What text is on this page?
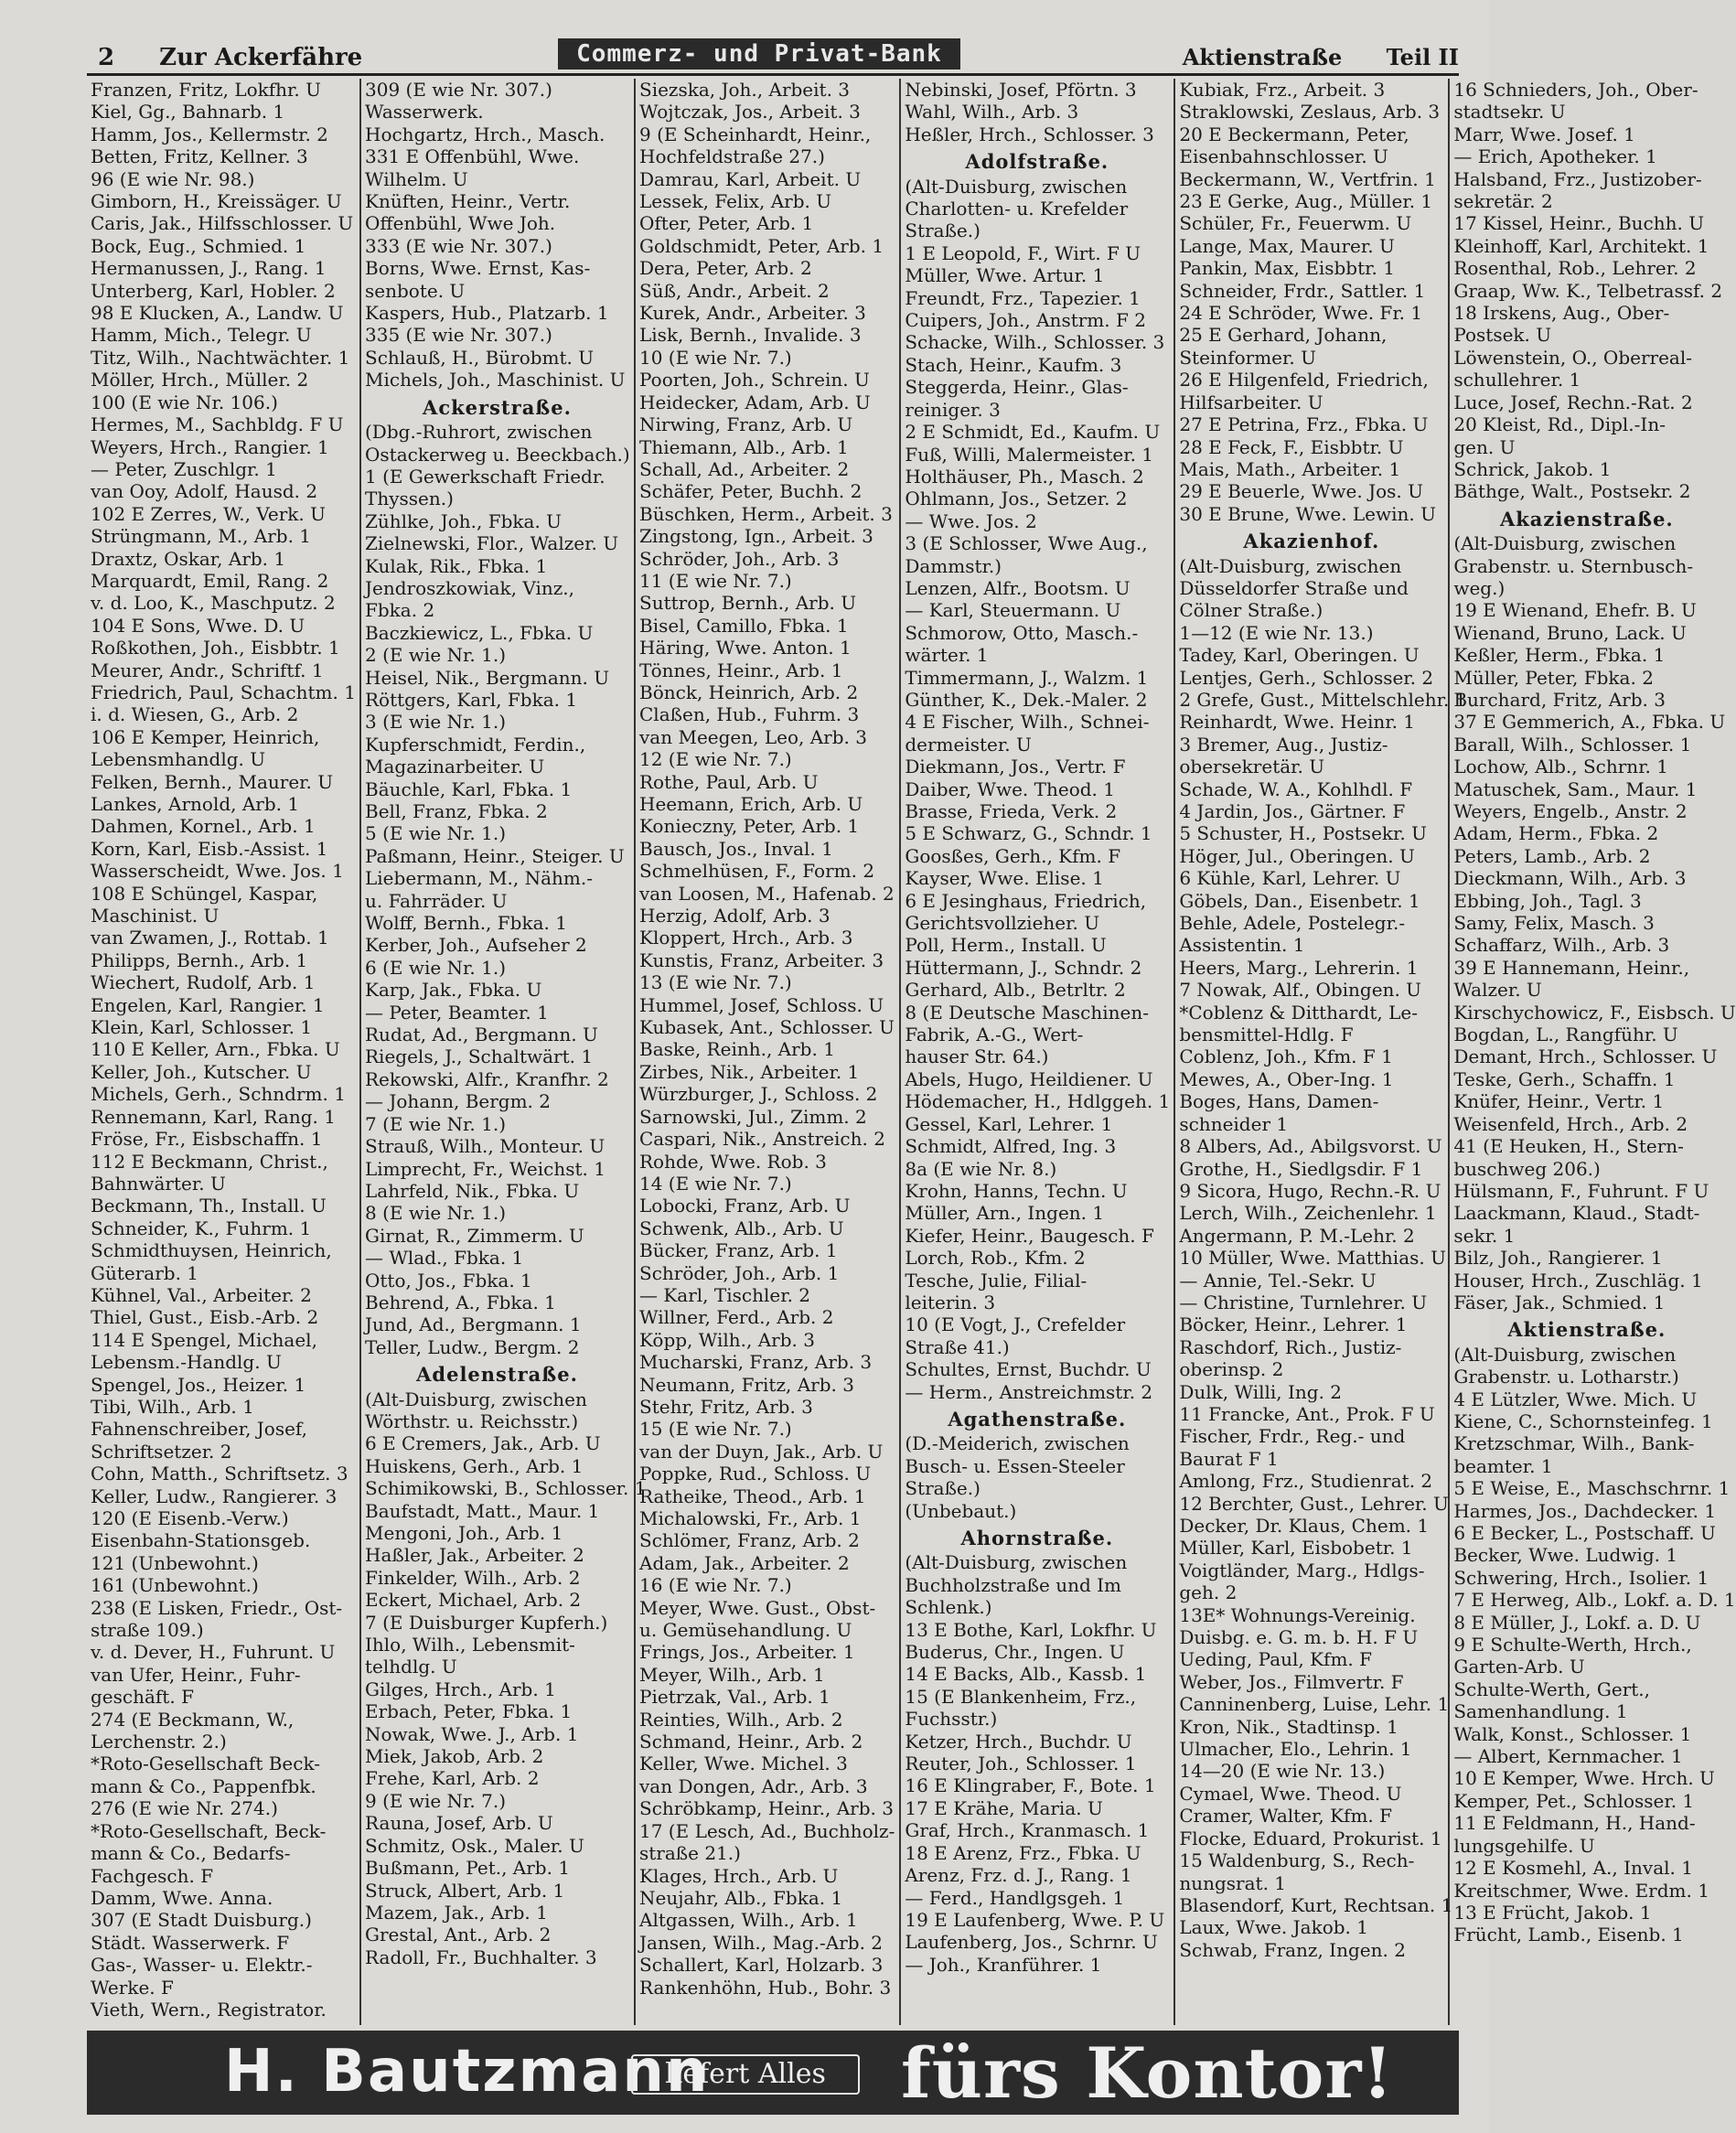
2 Zur Ackerfähre	Commerz- und Privat-Bank	Aktienstraße Teil II
Franzen, Fritz, Lokfhr. U
Kiel, Gg., Bahnarb. 1
Hamm, Jos., Kellermstr. 2
Betten, Fritz, Kellner. 3
96 (E wie Nr. 98.)
Gimborn, H., Kreissäger. U
Caris, Jak., Hilfsschlosser. U
Bock, Eug., Schmied. 1
Hermanussen, J., Rang. 1
Unterberg, Karl, Hobler. 2
98 E Klucken, A., Landw. U
Hamm, Mich., Telegr. U
Titz, Wilh., Nachtwächter. 1
Möller, Hrch., Müller. 2
100 (E wie Nr. 106.)
Hermes, M., Sachbldg. F U
Weyers, Hrch., Rangier. 1
— Peter, Zuschlgr. 1
van Ooy, Adolf, Hausd. 2
102 E Zerres, W., Verk. U
Strüngmann, M., Arb. 1
Draxtz, Oskar, Arb. 1
Marquardt, Emil, Rang. 2
v. d. Loo, K., Maschputz. 2
104 E Sons, Wwe. D. U
Roßkothen, Joh., Eisbbtr. 1
Meurer, Andr., Schriftf. 1
Friedrich, Paul, Schachtm. 1
i. d. Wiesen, G., Arb. 2
106 E Kemper, Heinrich,
Lebensmhandlg. U
Felken, Bernh., Maurer. U
Lankes, Arnold, Arb. 1
Dahmen, Kornel., Arb. 1
Korn, Karl, Eisb.-Assist. 1
Wasserscheidt, Wwe. Jos. 1
108 E Schüngel, Kaspar,
Maschinist. U
van Zwamen, J., Rottab. 1
Philipps, Bernh., Arb. 1
Wiechert, Rudolf, Arb. 1
Engelen, Karl, Rangier. 1
Klein, Karl, Schlosser. 1
110 E Keller, Arn., Fbka. U
Keller, Joh., Kutscher. U
Michels, Gerh., Schndrm. 1
Rennemann, Karl, Rang. 1
Fröse, Fr., Eisbschaffn. 1
112 E Beckmann, Christ.,
Bahnwärter. U
Beckmann, Th., Install. U
Schneider, K., Fuhrm. 1
Schmidthuysen, Heinrich,
Güterarb. 1
Kühnel, Val., Arbeiter. 2
Thiel, Gust., Eisb.-Arb. 2
114 E Spengel, Michael,
Lebensm.-Handlg. U
Spengel, Jos., Heizer. 1
Tibi, Wilh., Arb. 1
Fahnenschreiber, Josef,
Schriftsetzer. 2
Cohn, Matth., Schriftsetz. 3
Keller, Ludw., Rangierer. 3
120 (E Eisenb.-Verw.)
Eisenbahn-Stationsgeb.
121 (Unbewohnt.)
161 (Unbewohnt.)
238 (E Lisken, Friedr., Ost-
straße 109.)
v. d. Dever, H., Fuhrunt. U
van Ufer, Heinr., Fuhr-
geschäft. F
274 (E Beckmann, W.,
Lerchenstr. 2.)
*Roto-Gesellschaft Beck-
mann & Co., Pappenfbk.
276 (E wie Nr. 274.)
*Roto-Gesellschaft, Beck-
mann & Co., Bedarfs-
Fachgesch. F
Damm, Wwe. Anna.
307 (E Stadt Duisburg.)
Städt. Wasserwerk. F
Gas-, Wasser- u. Elektr.-
Werke. F
Vieth, Wern., Registrator.
309 (E wie Nr. 307.)
Wasserwerk.
Hochgartz, Hrch., Masch.
331 E Offenbühl, Wwe.
Wilhelm. U
Knüften, Heinr., Vertr.
Offenbühl, Wwe Joh.
333 (E wie Nr. 307.)
Borns, Wwe. Ernst, Kas-
senbote. U
Kaspers, Hub., Platzarb. 1
335 (E wie Nr. 307.)
Schlauß, H., Bürobmt. U
Michels, Joh., Maschinist. U
Ackerstraße.
(Dbg.-Ruhrort, zwischen
Ostackerweg u. Beeckbach.)
1 (E Gewerkschaft Friedr.
Thyssen.)
Zühlke, Joh., Fbka. U
Zielnewski, Flor., Walzer. U
Kulak, Rik., Fbka. 1
Jendroszkowiak, Vinz.,
Fbka. 2
Baczkiewicz, L., Fbka. U
2 (E wie Nr. 1.)
Heisel, Nik., Bergmann. U
Röttgers, Karl, Fbka. 1
3 (E wie Nr. 1.)
Kupferschmidt, Ferdin.,
Magazinarbeiter. U
Bäuchle, Karl, Fbka. 1
Bell, Franz, Fbka. 2
5 (E wie Nr. 1.)
Paßmann, Heinr., Steiger. U
Liebermann, M., Nähm.-
u. Fahrräder. U
Wolff, Bernh., Fbka. 1
Kerber, Joh., Aufseher 2
6 (E wie Nr. 1.)
Karp, Jak., Fbka. U
— Peter, Beamter. 1
Rudat, Ad., Bergmann. U
Riegels, J., Schaltwärt. 1
Rekowski, Alfr., Kranfhr. 2
— Johann, Bergm. 2
7 (E wie Nr. 1.)
Strauß, Wilh., Monteur. U
Limprecht, Fr., Weichst. 1
Lahrfeld, Nik., Fbka. U
8 (E wie Nr. 1.)
Girnat, R., Zimmerm. U
— Wlad., Fbka. 1
Otto, Jos., Fbka. 1
Behrend, A., Fbka. 1
Jund, Ad., Bergmann. 1
Teller, Ludw., Bergm. 2
Adelenstraße.
(Alt-Duisburg, zwischen
Wörthstr. u. Reichsstr.)
6 E Cremers, Jak., Arb. U
Huiskens, Gerh., Arb. 1
Schimikowski, B., Schlosser. 1
Baufstadt, Matt., Maur. 1
Mengoni, Joh., Arb. 1
Haßler, Jak., Arbeiter. 2
Finkelder, Wilh., Arb. 2
Eckert, Michael, Arb. 2
7 (E Duisburger Kupferh.)
Ihlo, Wilh., Lebensmit-
telhdlg. U
Gilges, Hrch., Arb. 1
Erbach, Peter, Fbka. 1
Nowak, Wwe. J., Arb. 1
Miek, Jakob, Arb. 2
Frehe, Karl, Arb. 2
9 (E wie Nr. 7.)
Rauna, Josef, Arb. U
Schmitz, Osk., Maler. U
Bußmann, Pet., Arb. 1
Struck, Albert, Arb. 1
Mazem, Jak., Arb. 1
Grestal, Ant., Arb. 2
Radoll, Fr., Buchhalter. 3
Siezska, Joh., Arbeit. 3
Wojtczak, Jos., Arbeit. 3
9 (E Scheinhardt, Heinr.,
Hochfeldstraße 27.)
Damrau, Karl, Arbeit. U
Lessek, Felix, Arb. U
Ofter, Peter, Arb. 1
Goldschmidt, Peter, Arb. 1
Dera, Peter, Arb. 2
Süß, Andr., Arbeit. 2
Kurek, Andr., Arbeiter. 3
Lisk, Bernh., Invalide. 3
10 (E wie Nr. 7.)
Poorten, Joh., Schrein. U
Heidecker, Adam, Arb. U
Nirwing, Franz, Arb. U
Thiemann, Alb., Arb. 1
Schall, Ad., Arbeiter. 2
Schäfer, Peter, Buchh. 2
Büschken, Herm., Arbeit. 3
Zingstong, Ign., Arbeit. 3
Schröder, Joh., Arb. 3
11 (E wie Nr. 7.)
Suttrop, Bernh., Arb. U
Bisel, Camillo, Fbka. 1
Häring, Wwe. Anton. 1
Tönnes, Heinr., Arb. 1
Bönck, Heinrich, Arb. 2
Claßen, Hub., Fuhrm. 3
van Meegen, Leo, Arb. 3
12 (E wie Nr. 7.)
Rothe, Paul, Arb. U
Heemann, Erich, Arb. U
Konieczny, Peter, Arb. 1
Bausch, Jos., Inval. 1
Schmelhüsen, F., Form. 2
van Loosen, M., Hafenab. 2
Herzig, Adolf, Arb. 3
Kloppert, Hrch., Arb. 3
Kunstis, Franz, Arbeiter. 3
13 (E wie Nr. 7.)
Hummel, Josef, Schloss. U
Kubasek, Ant., Schlosser. U
Baske, Reinh., Arb. 1
Zirbes, Nik., Arbeiter. 1
Würzburger, J., Schloss. 2
Sarnowski, Jul., Zimm. 2
Caspari, Nik., Anstreich. 2
Rohde, Wwe. Rob. 3
14 (E wie Nr. 7.)
Lobocki, Franz, Arb. U
Schwenk, Alb., Arb. U
Bücker, Franz, Arb. 1
Schröder, Joh., Arb. 1
— Karl, Tischler. 2
Willner, Ferd., Arb. 2
Köpp, Wilh., Arb. 3
Mucharski, Franz, Arb. 3
Neumann, Fritz, Arb. 3
Stehr, Fritz, Arb. 3
15 (E wie Nr. 7.)
van der Duyn, Jak., Arb. U
Poppke, Rud., Schloss. U
Ratheike, Theod., Arb. 1
Michalowski, Fr., Arb. 1
Schlömer, Franz, Arb. 2
Adam, Jak., Arbeiter. 2
16 (E wie Nr. 7.)
Meyer, Wwe. Gust., Obst-
u. Gemüsehandlung. U
Frings, Jos., Arbeiter. 1
Meyer, Wilh., Arb. 1
Pietrzak, Val., Arb. 1
Reinties, Wilh., Arb. 2
Schmand, Heinr., Arb. 2
Keller, Wwe. Michel. 3
van Dongen, Adr., Arb. 3
Schröbkamp, Heinr., Arb. 3
17 (E Lesch, Ad., Buchholz-
straße 21.)
Klages, Hrch., Arb. U
Neujahr, Alb., Fbka. 1
Altgassen, Wilh., Arb. 1
Jansen, Wilh., Mag.-Arb. 2
Schallert, Karl, Holzarb. 3
Rankenhöhn, Hub., Bohr. 3
Nebinski, Josef, Pförtn. 3
Wahl, Wilh., Arb. 3
Heßler, Hrch., Schlosser. 3
Adolfstraße.
(Alt-Duisburg, zwischen
Charlotten- u. Krefelder
Straße.)
1 E Leopold, F., Wirt. F U
Müller, Wwe. Artur. 1
Freundt, Frz., Tapezier. 1
Cuipers, Joh., Anstrm. F 2
Schacke, Wilh., Schlosser. 3
Stach, Heinr., Kaufm. 3
Steggerda, Heinr., Glas-
reiniger. 3
2 E Schmidt, Ed., Kaufm. U
Fuß, Willi, Malermeister. 1
Holthäuser, Ph., Masch. 2
Ohlmann, Jos., Setzer. 2
— Wwe. Jos. 2
3 (E Schlosser, Wwe Aug.,
Dammstr.)
Lenzen, Alfr., Bootsm. U
— Karl, Steuermann. U
Schmorow, Otto, Masch.-
wärter. 1
Timmermann, J., Walzm. 1
Günther, K., Dek.-Maler. 2
4 E Fischer, Wilh., Schnei-
dermeister. U
Diekmann, Jos., Vertr. F
Daiber, Wwe. Theod. 1
Brasse, Frieda, Verk. 2
5 E Schwarz, G., Schndr. 1
Goosßes, Gerh., Kfm. F
Kayser, Wwe. Elise. 1
6 E Jesinghaus, Friedrich,
Gerichtsvollzieher. U
Poll, Herm., Install. U
Hüttermann, J., Schndr. 2
Gerhard, Alb., Betrltr. 2
8 (E Deutsche Maschinen-
Fabrik, A.-G., Wert-
hauser Str. 64.)
Abels, Hugo, Heildiener. U
Hödemacher, H., Hdlggeh. 1
Gessel, Karl, Lehrer. 1
Schmidt, Alfred, Ing. 3
8a (E wie Nr. 8.)
Krohn, Hanns, Techn. U
Müller, Arn., Ingen. 1
Kiefer, Heinr., Baugesch. F
Lorch, Rob., Kfm. 2
Tesche, Julie, Filial-
leiterin. 3
10 (E Vogt, J., Crefelder
Straße 41.)
Schultes, Ernst, Buchdr. U
— Herm., Anstreichmstr. 2
Agathenstraße.
(D.-Meiderich, zwischen
Busch- u. Essen-Steeler
Straße.)
(Unbebaut.)
Ahornstraße.
(Alt-Duisburg, zwischen
Buchholzstraße und Im
Schlenk.)
13 E Bothe, Karl, Lokfhr. U
Buderus, Chr., Ingen. U
14 E Backs, Alb., Kassb. 1
15 (E Blankenheim, Frz.,
Fuchsstr.)
Ketzer, Hrch., Buchdr. U
Reuter, Joh., Schlosser. 1
16 E Klingraber, F., Bote. 1
17 E Krähe, Maria. U
Graf, Hrch., Kranmasch. 1
18 E Arenz, Frz., Fbka. U
Arenz, Frz. d. J., Rang. 1
— Ferd., Handlgsgeh. 1
19 E Laufenberg, Wwe. P. U
Laufenberg, Jos., Schrnr. U
— Joh., Kranführer. 1
Kubiak, Frz., Arbeit. 3
Straklowski, Zeslaus, Arb. 3
20 E Beckermann, Peter,
Eisenbahnschlosser. U
Beckermann, W., Vertfrin. 1
23 E Gerke, Aug., Müller. 1
Schüler, Fr., Feuerwm. U
Lange, Max, Maurer. U
Pankin, Max, Eisbbtr. 1
Schneider, Frdr., Sattler. 1
24 E Schröder, Wwe. Fr. 1
25 E Gerhard, Johann,
Steinformer. U
26 E Hilgenfeld, Friedrich,
Hilfsarbeiter. U
27 E Petrina, Frz., Fbka. U
28 E Feck, F., Eisbbtr. U
Mais, Math., Arbeiter. 1
29 E Beuerle, Wwe. Jos. U
30 E Brune, Wwe. Lewin. U
Akazienhof.
(Alt-Duisburg, zwischen
Düsseldorfer Straße und
Cölner Straße.)
1—12 (E wie Nr. 13.)
Tadey, Karl, Oberingen. U
Lentjes, Gerh., Schlosser. 2
2 Grefe, Gust., Mittelschlehr. 1
Reinhardt, Wwe. Heinr. 1
3 Bremer, Aug., Justiz-
obersekretär. U
Schade, W. A., Kohlhdl. F
4 Jardin, Jos., Gärtner. F
5 Schuster, H., Postsekr. U
Höger, Jul., Oberingen. U
6 Kühle, Karl, Lehrer. U
Göbels, Dan., Eisenbetr. 1
Behle, Adele, Postelegr.-
Assistentin. 1
Heers, Marg., Lehrerin. 1
7 Nowak, Alf., Obingen. U
*Coblenz & Ditthardt, Le-
bensmittel-Hdlg. F
Coblenz, Joh., Kfm. F 1
Mewes, A., Ober-Ing. 1
Boges, Hans, Damen-
schneider 1
8 Albers, Ad., Abilgsvorst. U
Grothe, H., Siedlgsdir. F 1
9 Sicora, Hugo, Rechn.-R. U
Lerch, Wilh., Zeichenlehr. 1
Angermann, P. M.-Lehr. 2
10 Müller, Wwe. Matthias. U
— Annie, Tel.-Sekr. U
— Christine, Turnlehrer. U
Böcker, Heinr., Lehrer. 1
Raschdorf, Rich., Justiz-
oberinsp. 2
Dulk, Willi, Ing. 2
11 Francke, Ant., Prok. F U
Fischer, Frdr., Reg.- und
Baurat F 1
Amlong, Frz., Studienrat. 2
12 Berchter, Gust., Lehrer. U
Decker, Dr. Klaus, Chem. 1
Müller, Karl, Eisbobetr. 1
Voigtländer, Marg., Hdlgs-
geh. 2
13E* Wohnungs-Vereinig.
Duisbg. e. G. m. b. H. F U
Ueding, Paul, Kfm. F
Weber, Jos., Filmvertr. F
Canninenberg, Luise, Lehr. 1
Kron, Nik., Stadtinsp. 1
Ulmacher, Elo., Lehrin. 1
14—20 (E wie Nr. 13.)
Cymael, Wwe. Theod. U
Cramer, Walter, Kfm. F
Flocke, Eduard, Prokurist. 1
15 Waldenburg, S., Rech-
nungsrat. 1
Blasendorf, Kurt, Rechtsan. 1
Laux, Wwe. Jakob. 1
Schwab, Franz, Ingen. 2
16 Schnieders, Joh., Ober-
stadtsekr. U
Marr, Wwe. Josef. 1
— Erich, Apotheker. 1
Halsband, Frz., Justizober-
sekretär. 2
17 Kissel, Heinr., Buchh. U
Kleinhoff, Karl, Architekt. 1
Rosenthal, Rob., Lehrer. 2
Graap, Ww. K., Telbetrassf. 2
18 Irskens, Aug., Ober-
Postsek. U
Löwenstein, O., Oberreal-
schullehrer. 1
Luce, Josef, Rechn.-Rat. 2
20 Kleist, Rd., Dipl.-In-
gen. U
Schrick, Jakob. 1
Bäthge, Walt., Postsekr. 2
Akazienstraße.
(Alt-Duisburg, zwischen
Grabenstr. u. Sternbusch-
weg.)
19 E Wienand, Ehefr. B. U
Wienand, Bruno, Lack. U
Keßler, Herm., Fbka. 1
Müller, Peter, Fbka. 2
Burchard, Fritz, Arb. 3
37 E Gemmerich, A., Fbka. U
Barall, Wilh., Schlosser. 1
Lochow, Alb., Schrnr. 1
Matuschek, Sam., Maur. 1
Weyers, Engelb., Anstr. 2
Adam, Herm., Fbka. 2
Peters, Lamb., Arb. 2
Dieckmann, Wilh., Arb. 3
Ebbing, Joh., Tagl. 3
Samy, Felix, Masch. 3
Schaffarz, Wilh., Arb. 3
39 E Hannemann, Heinr.,
Walzer. U
Kirschychowicz, F., Eisbsch. U
Bogdan, L., Rangführ. U
Demant, Hrch., Schlosser. U
Teske, Gerh., Schaffn. 1
Knüfer, Heinr., Vertr. 1
Weisenfeld, Hrch., Arb. 2
41 (E Heuken, H., Stern-
buschweg 206.)
Hülsmann, F., Fuhrunt. F U
Laackmann, Klaud., Stadt-
sekr. 1
Bilz, Joh., Rangierer. 1
Houser, Hrch., Zuschläg. 1
Fäser, Jak., Schmied. 1
Aktienstraße.
(Alt-Duisburg, zwischen
Grabenstr. u. Lotharstr.)
4 E Lützler, Wwe. Mich. U
Kiene, C., Schornsteinfeg. 1
Kretzschmar, Wilh., Bank-
beamter. 1
5 E Weise, E., Maschschrnr. 1
Harmes, Jos., Dachdecker. 1
6 E Becker, L., Postschaff. U
Becker, Wwe. Ludwig. 1
Schwering, Hrch., Isolier. 1
7 E Herweg, Alb., Lokf. a. D. 1
8 E Müller, J., Lokf. a. D. U
9 E Schulte-Werth, Hrch.,
Garten-Arb. U
Schulte-Werth, Gert.,
Samenhandlung. 1
Walk, Konst., Schlosser. 1
— Albert, Kernmacher. 1
10 E Kemper, Wwe. Hrch. U
Kemper, Pet., Schlosser. 1
11 E Feldmann, H., Hand-
lungsgehilfe. U
12 E Kosmehl, A., Inval. 1
Kreitschmer, Wwe. Erdm. 1
13 E Frücht, Jakob. 1
Frücht, Lamb., Eisenb. 1
H. Bautzmann
liefert Alles	fürs Kontor!
